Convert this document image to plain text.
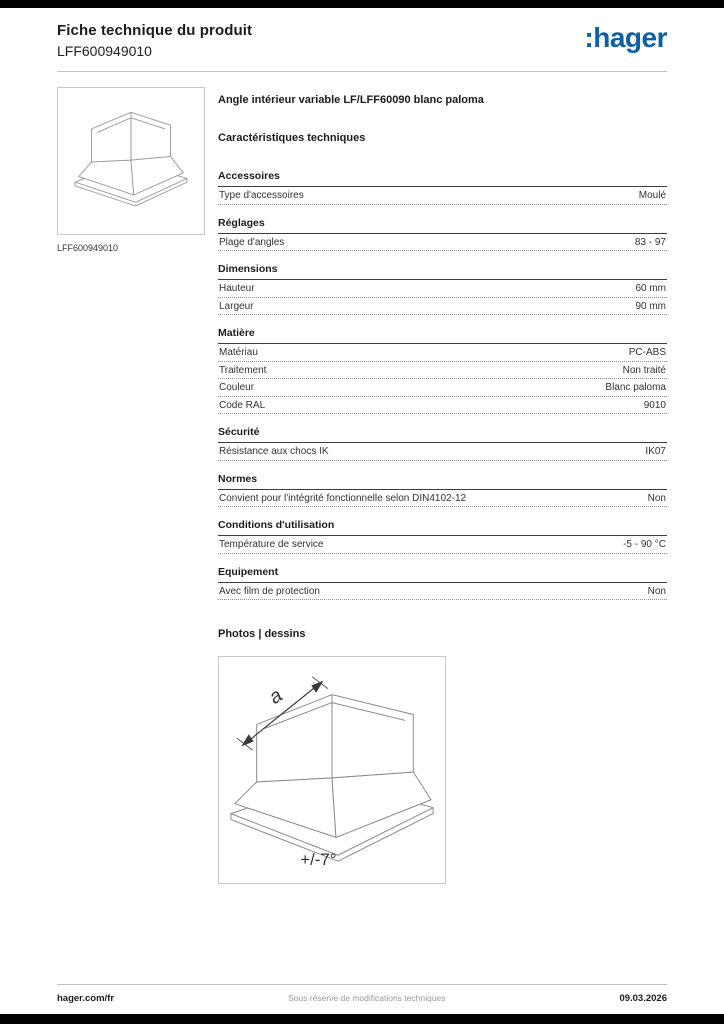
Fiche technique du produit
LFF600949010	:hager
LFF600949010
Angle intérieur variable LF/LFF60090 blanc paloma
Caractéristiques techniques
Accessoires
Type d'accessoires	Moulé
Réglages
Plage d'angles	83 - 97
Dimensions
Hauteur	60 mm
Largeur	90 mm
Matière
Matériau	PC-ABS
Traitement	Non traité
Couleur	Blanc paloma
Code RAL	9010
Sécurité
Résistance aux chocs IK	IK07
Normes
Convient pour l'intégrité fonctionnelle selon DIN4102-12	Non
Conditions d'utilisation
Température de service	-5 - 90 °C
Equipement
Avec film de protection	Non
Photos | dessins
a
+/-7°
hager.com/fr	Sous réserve de modifications techniques	09.03.2026
